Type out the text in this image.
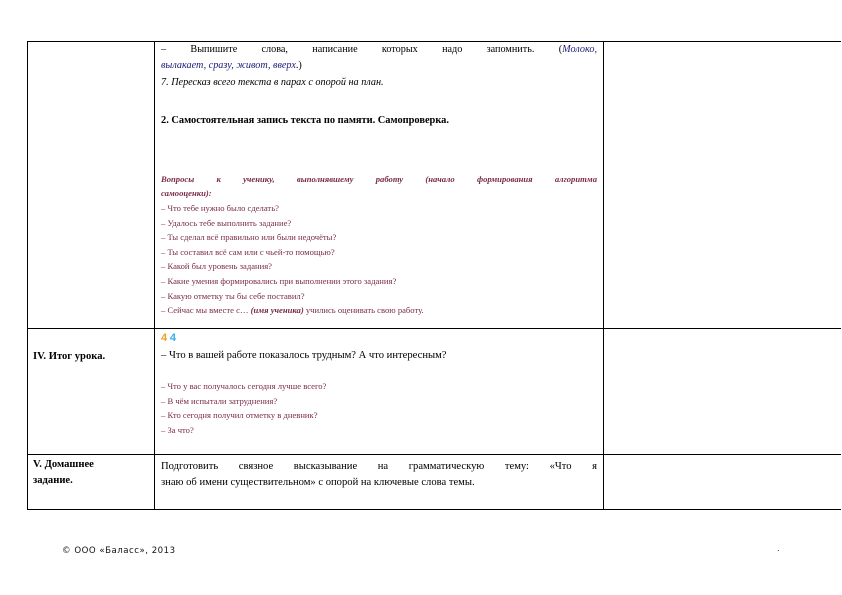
– Выпишите слова, написание которых надо запомнить. (Молоко,
вылакает, сразу, живот, вверх.)
7. Пересказ всего текста в парах с опорой на план.
2. Самостоятельная запись текста по памяти. Самопроверка.
Вопросы к ученику, выполнявшему работу (начало формирования алгоритма
самооценки):
– Что тебе нужно было сделать?
– Удалось тебе выполнить задание?
– Ты сделал всё правильно или были недочёты?
– Ты составил всё сам или с чьей-то помощью?
– Какой был уровень задания?
– Какие умения формировались при выполнении этого задания?
– Какую отметку ты бы себе поставил?
– Сейчас мы вместе с… (имя ученика) учились оценивать свою работу.
IV. Итог урока.
4 4
– Что в вашей работе показалось трудным? А что интересным?
– Что у вас получалось сегодня лучше всего?
– В чём испытали затруднения?
– Кто сегодня получил отметку в дневник?
– За что?
V. Домашнее
задание.
Подготовить связное высказывание на грамматическую тему: «Что я
знаю об имени существительном» с опорой на ключевые слова темы.
© ООО «Баласс», 2013	.
